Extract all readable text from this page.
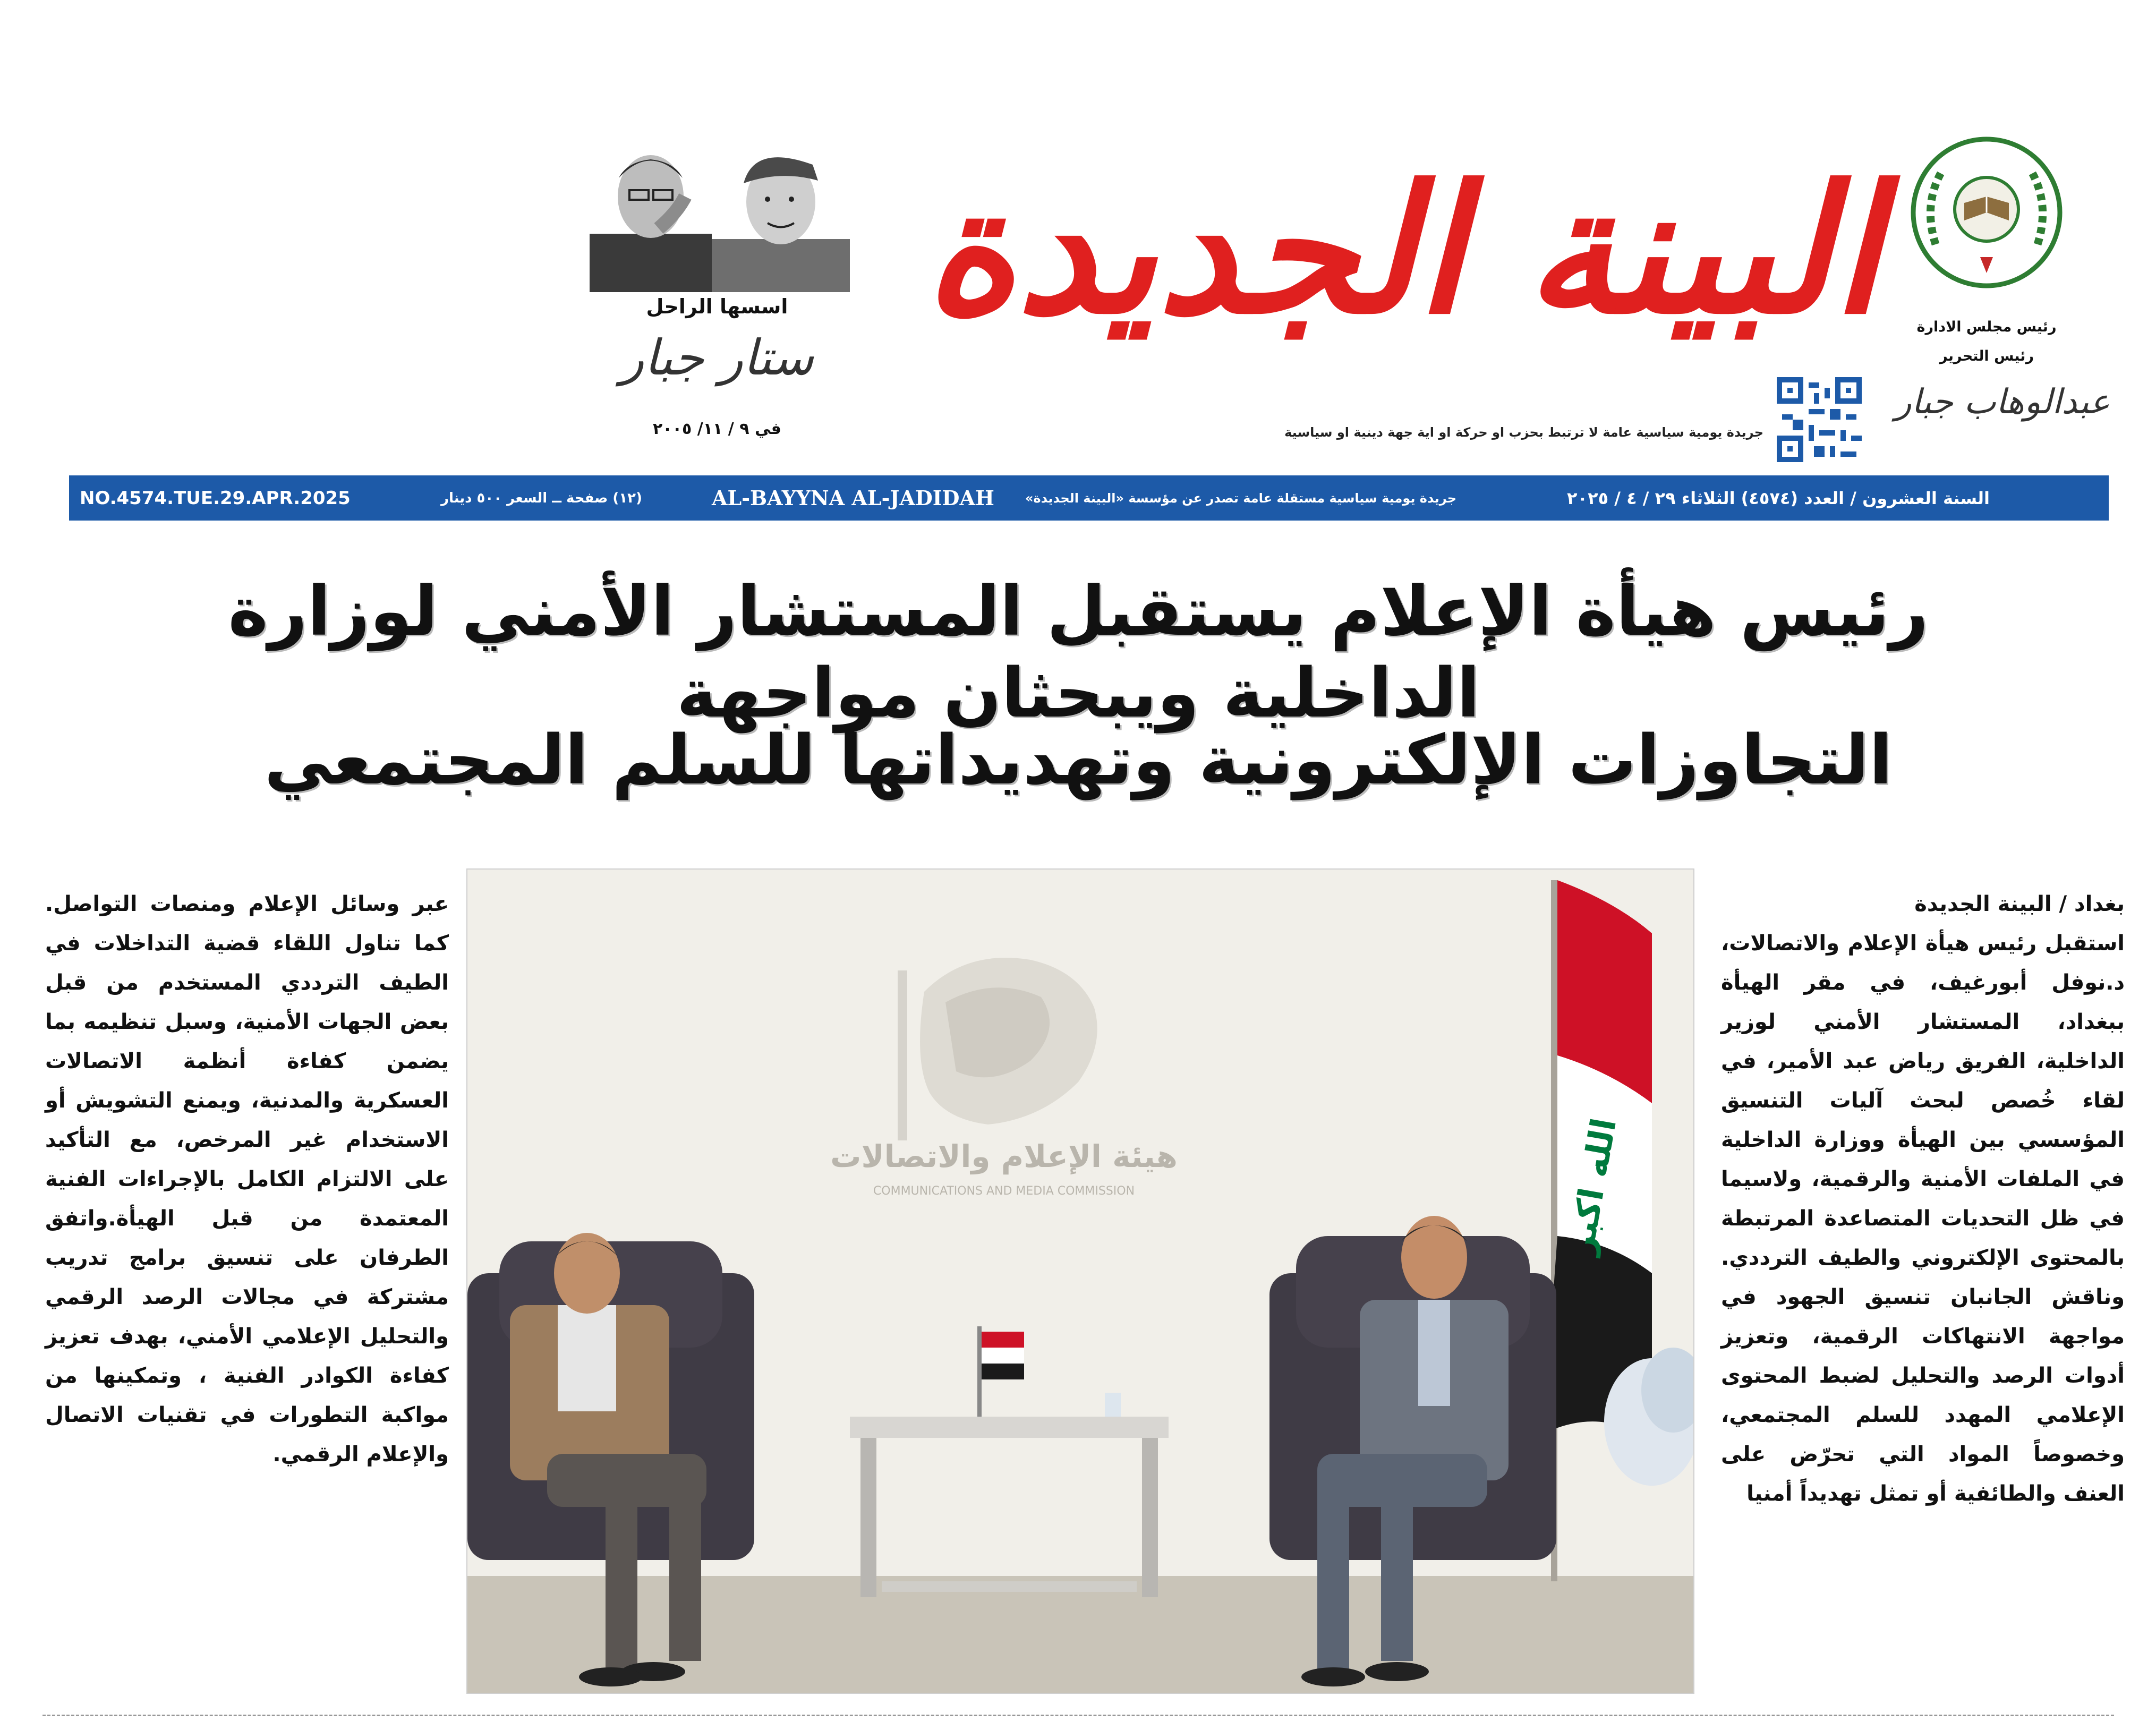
البينة الجديدة
جريدة يومية سياسية عامة لا ترتبط بحزب او حركة او اية جهة دينية او سياسية
رئيس مجلس الادارة
رئيس التحرير
عبدالوهاب جبار
اسسها الراحل
ستار جبار
في ٩ / ١١/ ٢٠٠٥
NO.4574.TUE.29.APR.2025	(١٢) صفحة ــ السعر ٥٠٠ دينار	AL-BAYYNA AL-JADIDAH جريدة يومية سياسية مستقلة عامة تصدر عن مؤسسة «البينة الجديدة»	السنة العشرون / العدد (٤٥٧٤) الثلاثاء ٢٩ / ٤ / ٢٠٢٥
رئيس هيأة الإعلام يستقبل المستشار الأمني لوزارة الداخلية ويبحثان مواجهة
التجاوزات الإلكترونية وتهديداتها للسلم المجتمعي
هيئة الإعلام والاتصالات
COMMUNICATIONS AND MEDIA COMMISSION	الله اكبر

بغداد / البينة الجديدة

استقبل رئيس هيأة الإعلام والاتصالات، د.نوفل أبورغيف، في مقر الهيأة ببغداد، المستشار الأمني لوزير الداخلية، الفريق رياض عبد الأمير، في لقاء خُصص لبحث آليات التنسيق المؤسسي بين الهيأة ووزارة الداخلية في الملفات الأمنية والرقمية، ولاسيما في ظل التحديات المتصاعدة المرتبطة بالمحتوى الإلكتروني والطيف الترددي. وناقش الجانبان تنسيق الجهود في مواجهة الانتهاكات الرقمية، وتعزيز أدوات الرصد والتحليل لضبط المحتوى الإعلامي المهدد للسلم المجتمعي، وخصوصاً المواد التي تحرّض على العنف والطائفية أو تمثل تهديداً أمنيا

عبر وسائل الإعلام ومنصات التواصل. كما تناول اللقاء قضية التداخلات في الطيف الترددي المستخدم من قبل بعض الجهات الأمنية، وسبل تنظيمه بما يضمن كفاءة أنظمة الاتصالات العسكرية والمدنية، ويمنع التشويش أو الاستخدام غير المرخص، مع التأكيد على الالتزام الكامل بالإجراءات الفنية المعتمدة من قبل الهيأة.واتفق الطرفان على تنسيق برامج تدريب مشتركة في مجالات الرصد الرقمي والتحليل الإعلامي الأمني، بهدف تعزيز كفاءة الكوادر الفنية ، وتمكينها من مواكبة التطورات في تقنيات الاتصال والإعلام الرقمي.
